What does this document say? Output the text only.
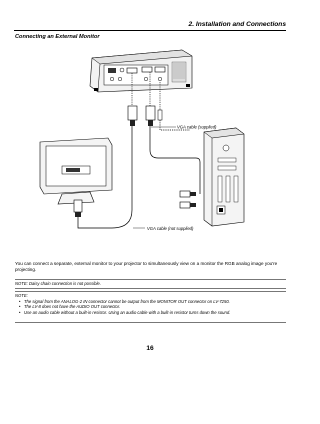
2. Installation and Connections
Connecting an External Monitor
VGA cable (supplied)
VGA cable (not supplied)
You can connect a separate, external monitor to your projector to simultaneously view on a monitor the RGB analog image you're projecting.
NOTE: Daisy chain connection is not possible.
NOTE:
• The signal from the ANALOG-2 IN connector cannot be output from the MONITOR OUT connector on LV-7250.
• The LV-8 does not have the AUDIO OUT connector.
• Use an audio cable without a built-in resistor. Using an audio cable with a built-in resistor turns down the sound.
16
